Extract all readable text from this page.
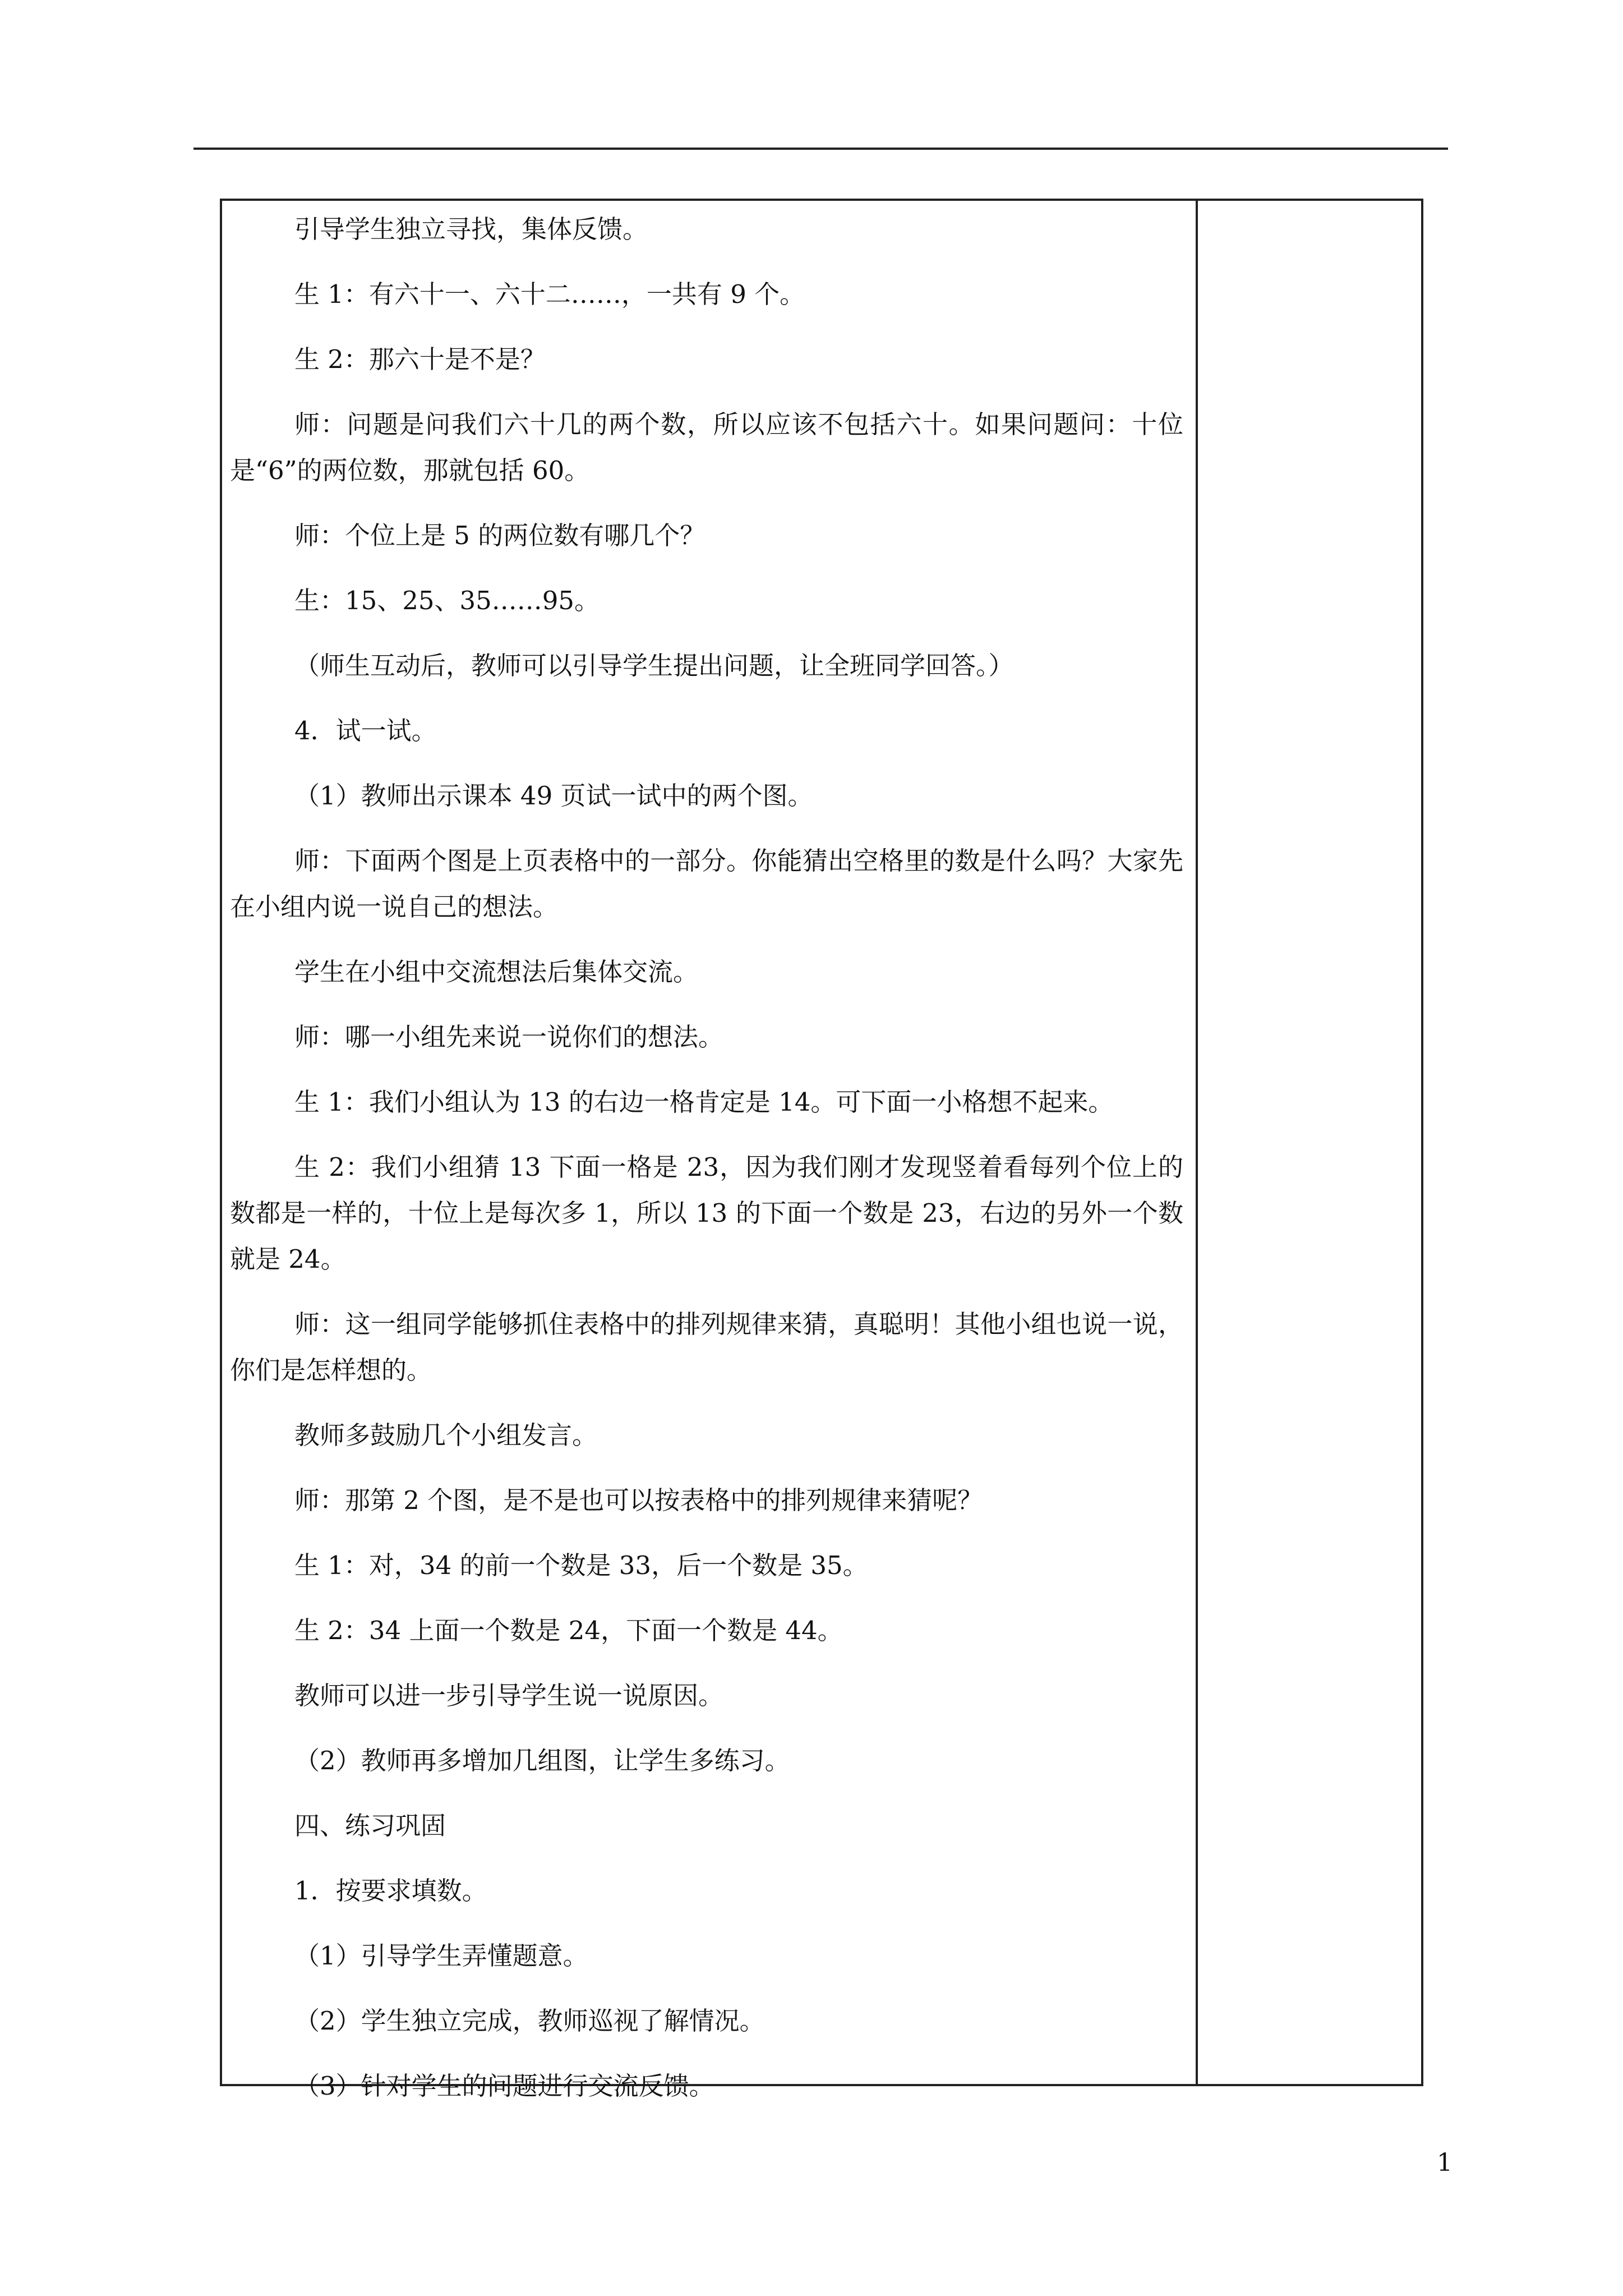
引导学生独立寻找，集体反馈。

生 1：有六十一、六十二……，一共有 9 个。

生 2：那六十是不是？

师：问题是问我们六十几的两个数，所以应该不包括六十。如果问题问：十位是“6”的两位数，那就包括 60。

师：个位上是 5 的两位数有哪几个？

生：15、25、35……95。

（师生互动后，教师可以引导学生提出问题，让全班同学回答。）

4．试一试。

（1）教师出示课本 49 页试一试中的两个图。

师：下面两个图是上页表格中的一部分。你能猜出空格里的数是什么吗？大家先在小组内说一说自己的想法。

学生在小组中交流想法后集体交流。

师：哪一小组先来说一说你们的想法。

生 1：我们小组认为 13 的右边一格肯定是 14。可下面一小格想不起来。

生 2：我们小组猜 13 下面一格是 23，因为我们刚才发现竖着看每列个位上的数都是一样的，十位上是每次多 1，所以 13 的下面一个数是 23，右边的另外一个数就是 24。

师：这一组同学能够抓住表格中的排列规律来猜，真聪明！其他小组也说一说，你们是怎样想的。

教师多鼓励几个小组发言。

师：那第 2 个图，是不是也可以按表格中的排列规律来猜呢？

生 1：对，34 的前一个数是 33，后一个数是 35。

生 2：34 上面一个数是 24，下面一个数是 44。

教师可以进一步引导学生说一说原因。

（2）教师再多增加几组图，让学生多练习。

四、练习巩固

1．按要求填数。

（1）引导学生弄懂题意。

（2）学生独立完成，教师巡视了解情况。

（3）针对学生的问题进行交流反馈。

1
